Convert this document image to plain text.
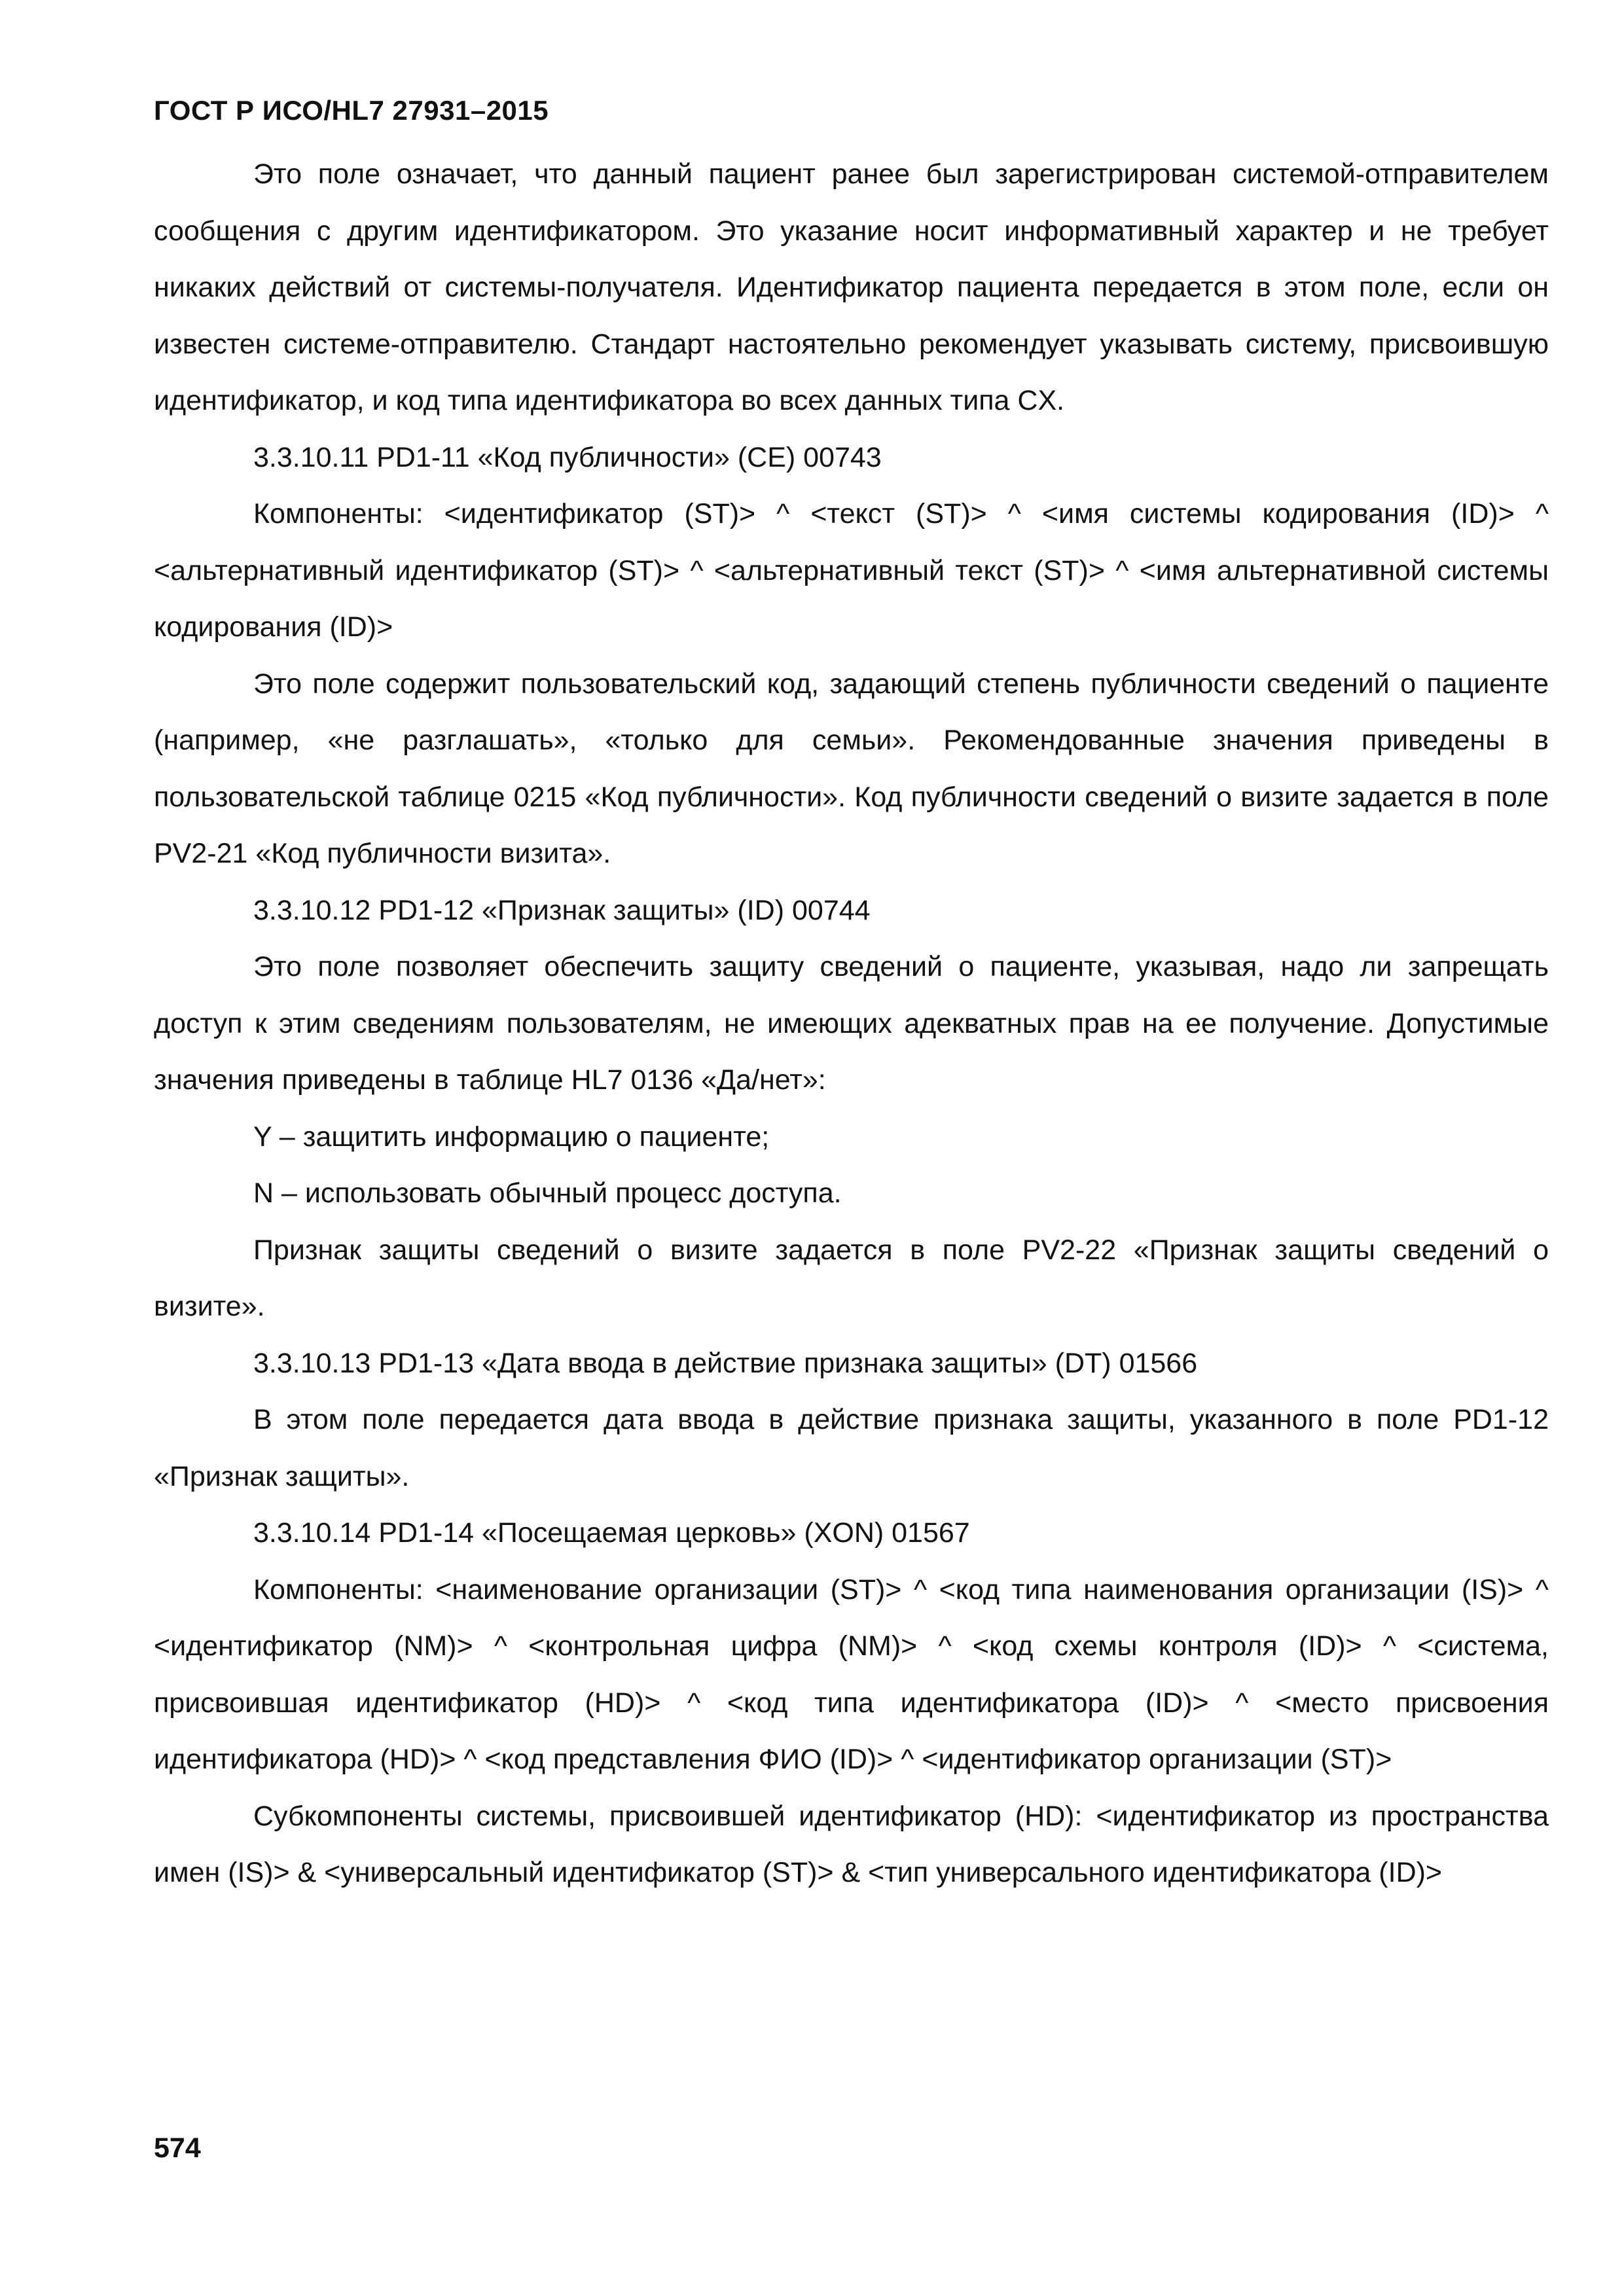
ГОСТ Р ИСО/HL7 27931–2015

Это поле означает, что данный пациент ранее был зарегистрирован системой-отправителем сообщения с другим идентификатором. Это указание носит информативный характер и не требует никаких действий от системы-получателя. Идентификатор пациента передается в этом поле, если он известен системе-отправителю. Стандарт настоятельно рекомендует указывать систему, присвоившую идентификатор, и код типа идентификатора во всех данных типа CX.

3.3.10.11 PD1-11 «Код публичности» (CE) 00743

Компоненты: <идентификатор (ST)> ^ <текст (ST)> ^ <имя системы кодирования (ID)> ^ <альтернативный идентификатор (ST)> ^ <альтернативный текст (ST)> ^ <имя альтернативной системы кодирования (ID)>

Это поле содержит пользовательский код, задающий степень публичности сведений о пациенте (например, «не разглашать», «только для семьи». Рекомендованные значения приведены в пользовательской таблице 0215 «Код публичности». Код публичности сведений о визите задается в поле PV2-21 «Код публичности визита».

3.3.10.12 PD1-12 «Признак защиты» (ID) 00744

Это поле позволяет обеспечить защиту сведений о пациенте, указывая, надо ли запрещать доступ к этим сведениям пользователям, не имеющих адекватных прав на ее получение. Допустимые значения приведены в таблице HL7 0136 «Да/нет»:

Y – защитить информацию о пациенте;

N – использовать обычный процесс доступа.

Признак защиты сведений о визите задается в поле PV2-22 «Признак защиты сведений о визите».

3.3.10.13 PD1-13 «Дата ввода в действие признака защиты» (DT) 01566

В этом поле передается дата ввода в действие признака защиты, указанного в поле PD1-12 «Признак защиты».

3.3.10.14 PD1-14 «Посещаемая церковь» (XON) 01567

Компоненты: <наименование организации (ST)> ^ <код типа наименования организации (IS)> ^ <идентификатор (NM)> ^ <контрольная цифра (NM)> ^ <код схемы контроля (ID)> ^ <система, присвоившая идентификатор (HD)> ^ <код типа идентификатора (ID)> ^ <место присвоения идентификатора (HD)> ^ <код представления ФИО (ID)> ^ <идентификатор организации (ST)>

Субкомпоненты системы, присвоившей идентификатор (HD): <идентификатор из пространства имен (IS)> & <универсальный идентификатор (ST)> & <тип универсального идентификатора (ID)>

574
